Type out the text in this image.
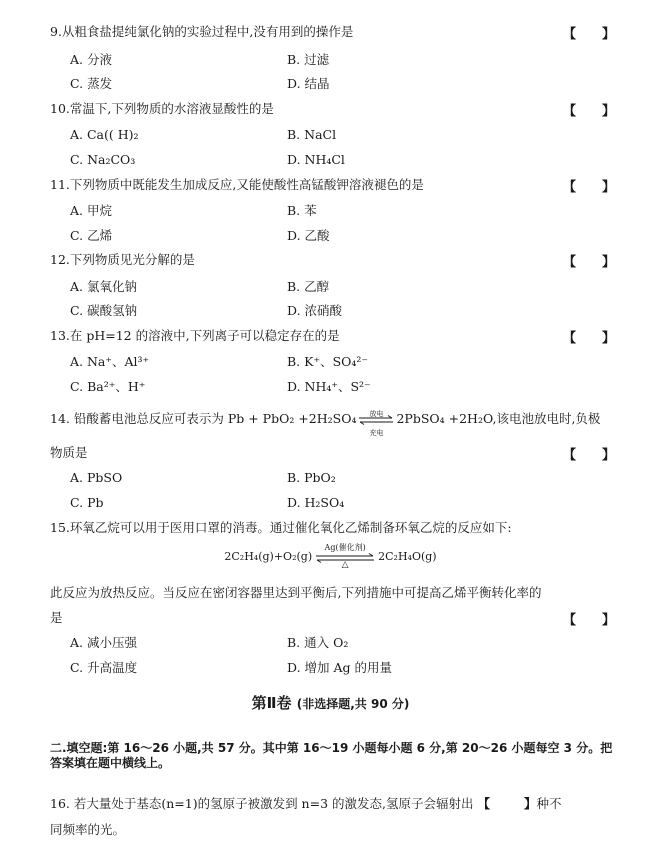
9.从粗食盐提纯氯化钠的实验过程中,没有用到的操作是	【 】
A. 分液	B. 过滤
C. 蒸发	D. 结晶
10.常温下,下列物质的水溶液显酸性的是	【 】
A. Ca(( H)₂	B. NaCl
C. Na₂CO₃	D. NH₄Cl
11.下列物质中既能发生加成反应,又能使酸性高锰酸钾溶液褪色的是	【 】
A. 甲烷	B. 苯
C. 乙烯	D. 乙酸
12.下列物质见光分解的是	【 】
A. 氯氧化钠	B. 乙醇
C. 碳酸氢钠	D. 浓硝酸
13.在 pH=12 的溶液中,下列离子可以稳定存在的是	【 】
A. Na⁺、Al³⁺	B. K⁺、SO₄²⁻
C. Ba²⁺、H⁺	D. NH₄⁺、S²⁻
14. 铅酸蓄电池总反应可表示为 Pb + PbO₂ +2H₂SO₄	放电
充电
2PbSO₄ +2H₂O,该电池放电时,负极
物质是	【 】
A. PbSO	B. PbO₂
C. Pb	D. H₂SO₄
15.环氧乙烷可以用于医用口罩的消毒。通过催化氧化乙烯制备环氧乙烷的反应如下:
2C₂H₄(g)+O₂(g)
Ag(催化剂)
△
2C₂H₄O(g)
此反应为放热反应。当反应在密闭容器里达到平衡后,下列措施中可提高乙烯平衡转化率的
是	【 】
A. 减小压强	B. 通入 O₂
C. 升高温度	D. 增加 Ag 的用量
第Ⅱ卷 (非选择题,共 90 分)
二.填空题:第 16～26 小题,共 57 分。其中第 16～19 小题每小题 6 分,第 20～26 小题每空 3 分。把答案填在题中横线上。
16. 若大量处于基态(n=1)的氢原子被激发到 n=3 的激发态,氢原子会辐射出 【	】种不
同频率的光。
